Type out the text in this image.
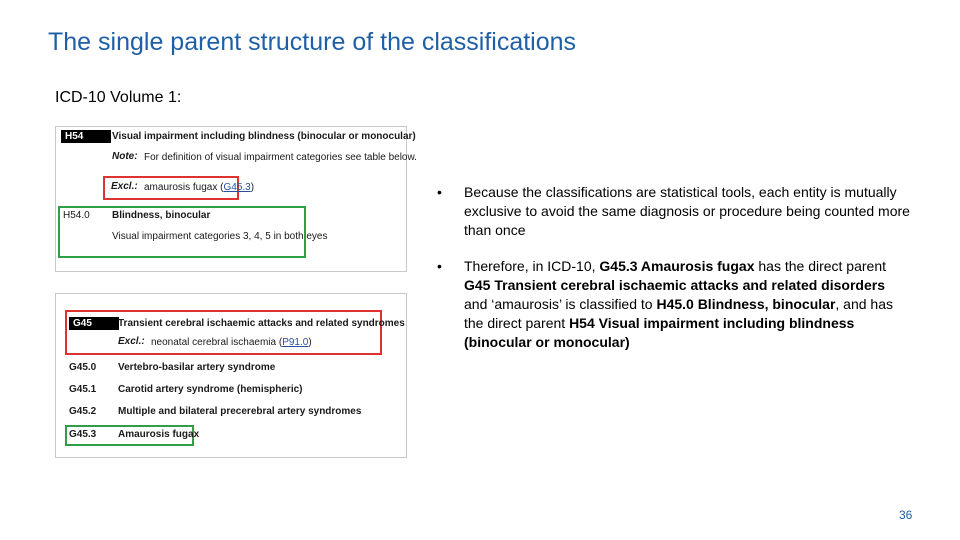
The single parent structure of the classifications
ICD-10 Volume 1:
H54	Visual impairment including blindness (binocular or monocular)
Note: For definition of visual impairment categories see table below.
Excl.: amaurosis fugax (G45.3)
H54.0 Blindness, binocular
Visual impairment categories 3, 4, 5 in both eyes
G45	Transient cerebral ischaemic attacks and related syndromes
Excl.: neonatal cerebral ischaemia (P91.0)
G45.0 Vertebro-basilar artery syndrome
G45.1 Carotid artery syndrome (hemispheric)
G45.2 Multiple and bilateral precerebral artery syndromes
G45.3 Amaurosis fugax
• Because the classifications are statistical tools, each entity is mutually exclusive to avoid the same diagnosis or procedure being counted more than once
• Therefore, in ICD-10, G45.3 Amaurosis fugax has the direct parent G45 Transient cerebral ischaemic attacks and related disorders and ‘amaurosis’ is classified to H45.0 Blindness, binocular, and has the direct parent H54 Visual impairment including blindness (binocular or monocular)
36
